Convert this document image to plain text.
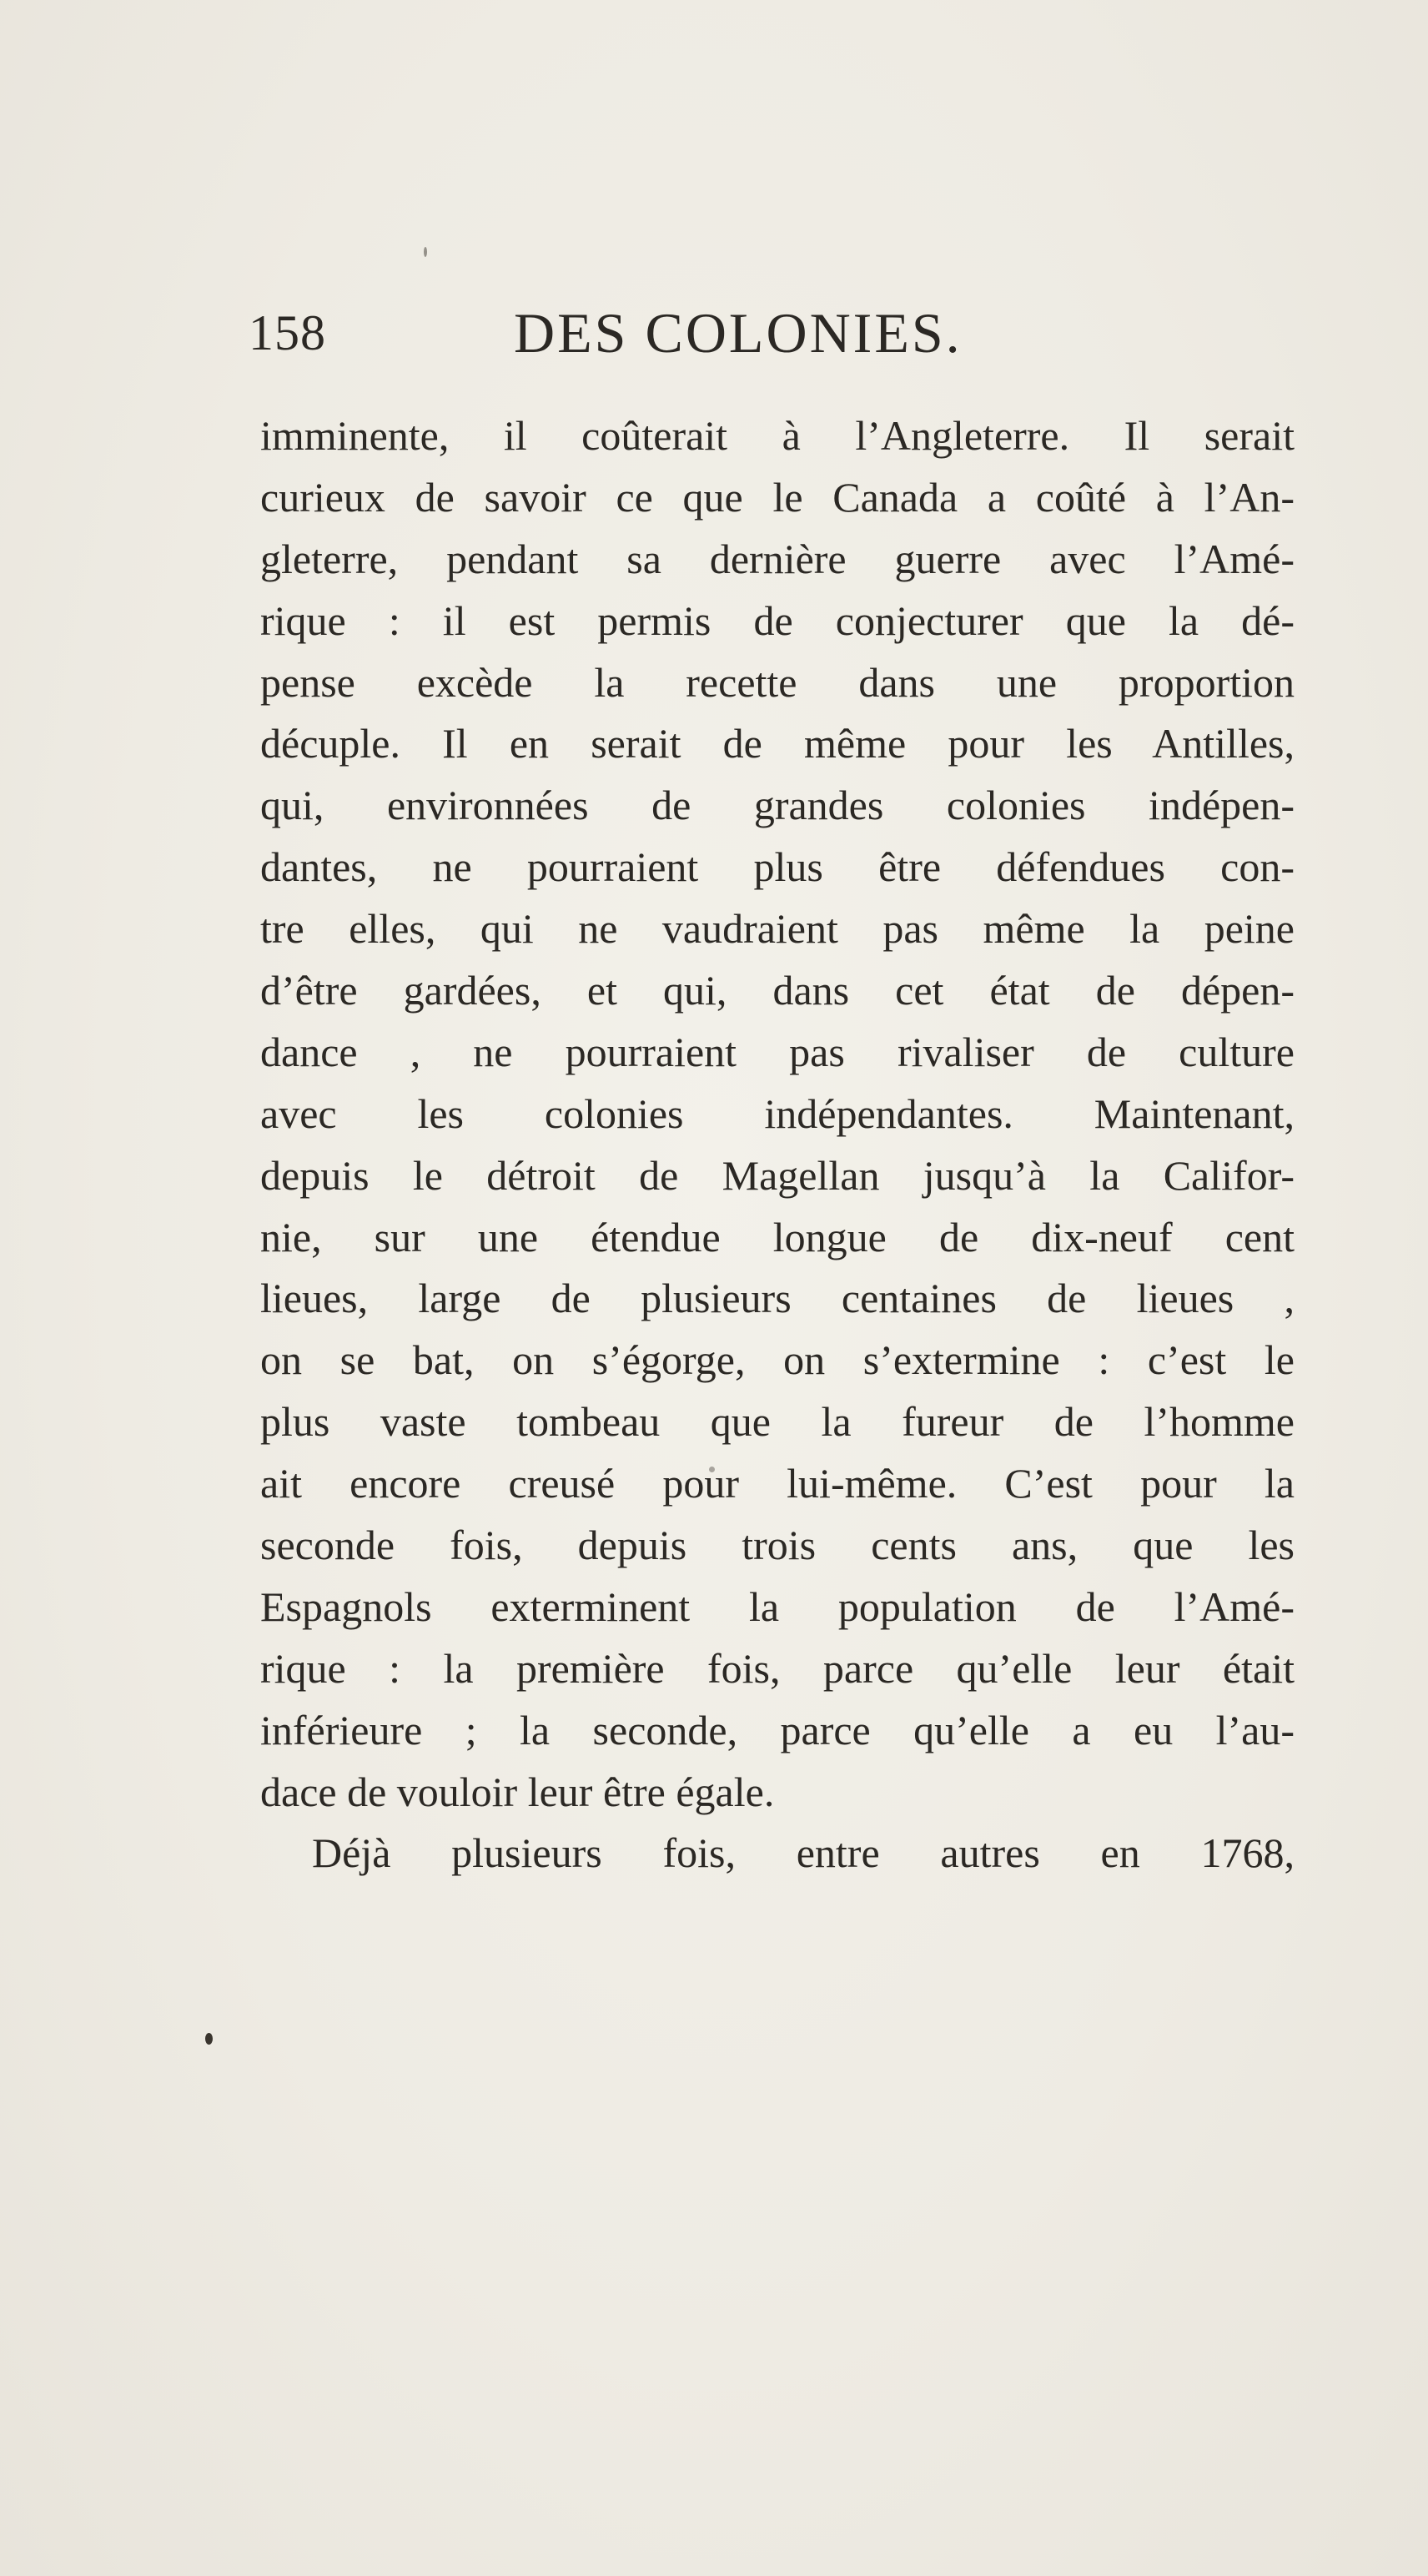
158	DES COLONIES.
imminente, il coûterait à l’Angleterre. Il serait
curieux de savoir ce que le Canada a coûté à l’An-
gleterre, pendant sa dernière guerre avec l’Amé-
rique : il est permis de conjecturer que la dé-
pense excède la recette dans une proportion
décuple. Il en serait de même pour les Antilles,
qui, environnées de grandes colonies indépen-
dantes, ne pourraient plus être défendues con-
tre elles, qui ne vaudraient pas même la peine
d’être gardées, et qui, dans cet état de dépen-
dance , ne pourraient pas rivaliser de culture
avec les colonies indépendantes. Maintenant,
depuis le détroit de Magellan jusqu’à la Califor-
nie, sur une étendue longue de dix-neuf cent
lieues, large de plusieurs centaines de lieues ,
on se bat, on s’égorge, on s’extermine : c’est le
plus vaste tombeau que la fureur de l’homme
ait encore creusé pour lui-même. C’est pour la
seconde fois, depuis trois cents ans, que les
Espagnols exterminent la population de l’Amé-
rique : la première fois, parce qu’elle leur était
inférieure ; la seconde, parce qu’elle a eu l’au-
dace de vouloir leur être égale.
Déjà plusieurs fois, entre autres en 1768,
